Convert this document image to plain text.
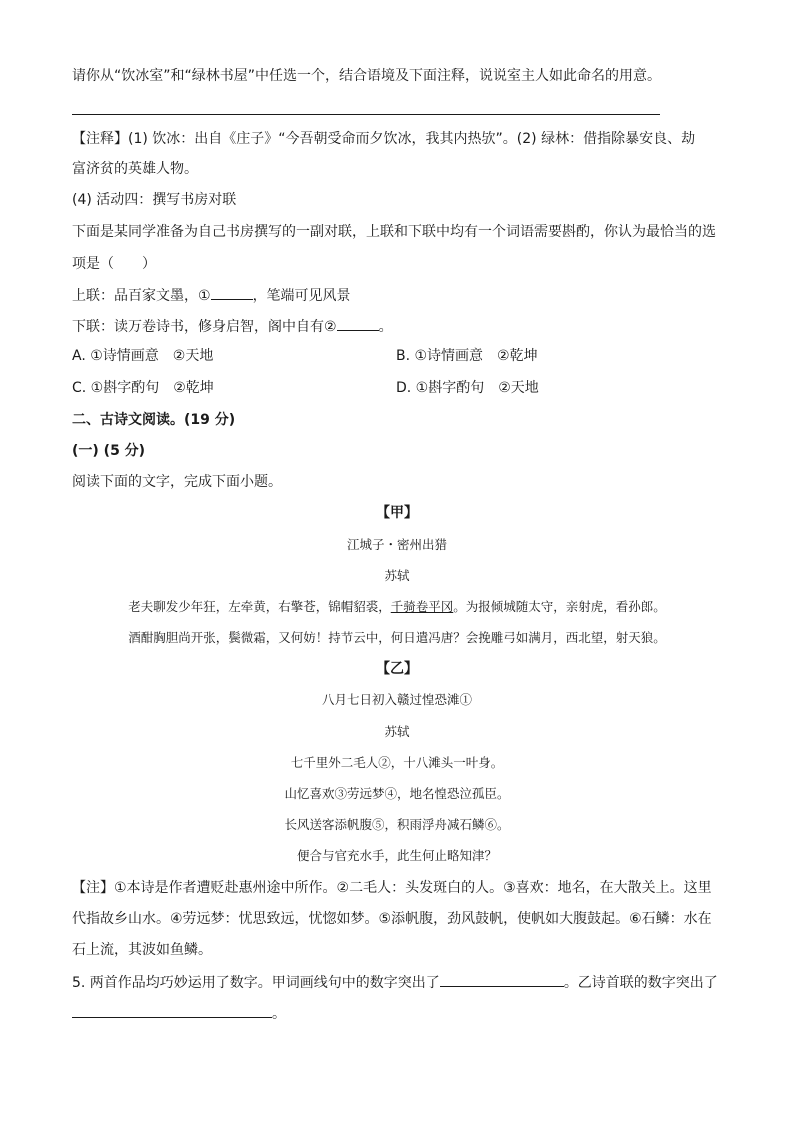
请你从“饮冰室”和“绿林书屋”中任选一个，结合语境及下面注释，说说室主人如此命名的用意。
【注释】(1) 饮冰：出自《庄子》“今吾朝受命而夕饮冰，我其内热欤”。(2) 绿林：借指除暴安良、劫
富济贫的英雄人物。
(4) 活动四：撰写书房对联
下面是某同学准备为自己书房撰写的一副对联，上联和下联中均有一个词语需要斟酌，你认为最恰当的选
项是（　　）
上联：品百家文墨，①	，笔端可见风景
下联：读万卷诗书，修身启智，阁中自有②	。
A. ①诗情画意　②天地	B. ①诗情画意　②乾坤
C. ①斟字酌句　②乾坤	D. ①斟字酌句　②天地
二、古诗文阅读。(19 分)
(一) (5 分)
阅读下面的文字，完成下面小题。
【甲】
江城子・密州出猎
苏轼
老夫聊发少年狂，左牵黄，右擎苍，锦帽貂裘，千骑卷平冈。为报倾城随太守，亲射虎，看孙郎。
酒酣胸胆尚开张，鬓微霜，又何妨！持节云中，何日遣冯唐？会挽雕弓如满月，西北望，射天狼。
【乙】
八月七日初入赣过惶恐滩①
苏轼
七千里外二毛人②，十八滩头一叶身。
山忆喜欢③劳远梦④，地名惶恐泣孤臣。
长风送客添帆腹⑤，积雨浮舟减石鳞⑥。
便合与官充水手，此生何止略知津？
【注】①本诗是作者遭贬赴惠州途中所作。②二毛人：头发斑白的人。③喜欢：地名，在大散关上。这里
代指故乡山水。④劳远梦：忧思致远，忧惚如梦。⑤添帆腹，劲风鼓帆，使帆如大腹鼓起。⑥石鳞：水在
石上流，其波如鱼鳞。
5. 两首作品均巧妙运用了数字。甲词画线句中的数字突出了	。乙诗首联的数字突出了
。
